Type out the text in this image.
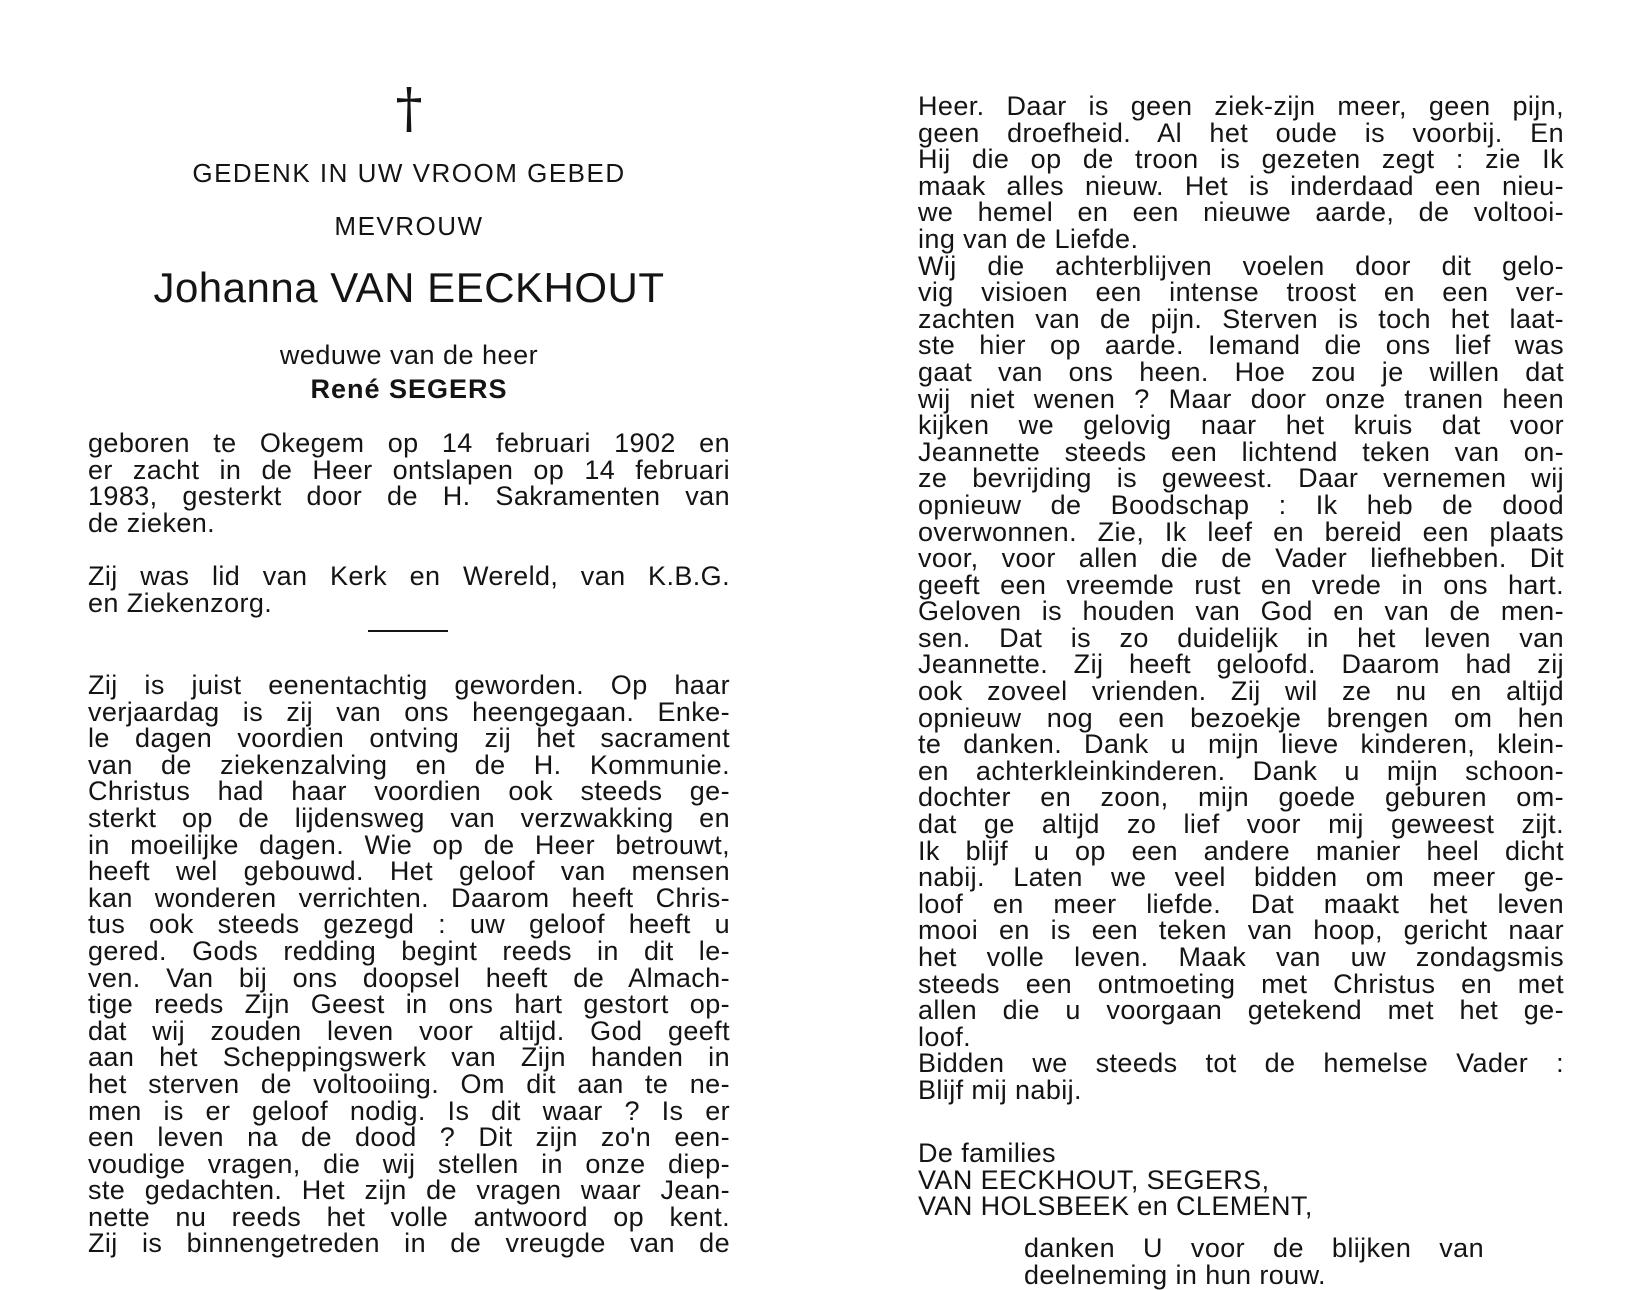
†
GEDENK IN UW VROOM GEBED
MEVROUW
Johanna VAN EECKHOUT
weduwe van de heer
René SEGERS
geboren te Okegem op 14 februari 1902 en
er zacht in de Heer ontslapen op 14 februari
1983, gesterkt door de H. Sakramenten van
de zieken.
Zij was lid van Kerk en Wereld, van K.B.G.
en Ziekenzorg.
Zij is juist eenentachtig geworden. Op haar
verjaardag is zij van ons heengegaan. Enke-
le dagen voordien ontving zij het sacrament
van de ziekenzalving en de H. Kommunie.
Christus had haar voordien ook steeds ge-
sterkt op de lijdensweg van verzwakking en
in moeilijke dagen. Wie op de Heer betrouwt,
heeft wel gebouwd. Het geloof van mensen
kan wonderen verrichten. Daarom heeft Chris-
tus ook steeds gezegd : uw geloof heeft u
gered. Gods redding begint reeds in dit le-
ven. Van bij ons doopsel heeft de Almach-
tige reeds Zijn Geest in ons hart gestort op-
dat wij zouden leven voor altijd. God geeft
aan het Scheppingswerk van Zijn handen in
het sterven de voltooiing. Om dit aan te ne-
men is er geloof nodig. Is dit waar ? Is er
een leven na de dood ? Dit zijn zo'n een-
voudige vragen, die wij stellen in onze diep-
ste gedachten. Het zijn de vragen waar Jean-
nette nu reeds het volle antwoord op kent.
Zij is binnengetreden in de vreugde van de
Heer. Daar is geen ziek-zijn meer, geen pijn,
geen droefheid. Al het oude is voorbij. En
Hij die op de troon is gezeten zegt : zie Ik
maak alles nieuw. Het is inderdaad een nieu-
we hemel en een nieuwe aarde, de voltooi-
ing van de Liefde.
Wij die achterblijven voelen door dit gelo-
vig visioen een intense troost en een ver-
zachten van de pijn. Sterven is toch het laat-
ste hier op aarde. Iemand die ons lief was
gaat van ons heen. Hoe zou je willen dat
wij niet wenen ? Maar door onze tranen heen
kijken we gelovig naar het kruis dat voor
Jeannette steeds een lichtend teken van on-
ze bevrijding is geweest. Daar vernemen wij
opnieuw de Boodschap : Ik heb de dood
overwonnen. Zie, Ik leef en bereid een plaats
voor, voor allen die de Vader liefhebben. Dit
geeft een vreemde rust en vrede in ons hart.
Geloven is houden van God en van de men-
sen. Dat is zo duidelijk in het leven van
Jeannette. Zij heeft geloofd. Daarom had zij
ook zoveel vrienden. Zij wil ze nu en altijd
opnieuw nog een bezoekje brengen om hen
te danken. Dank u mijn lieve kinderen, klein-
en achterkleinkinderen. Dank u mijn schoon-
dochter en zoon, mijn goede geburen om-
dat ge altijd zo lief voor mij geweest zijt.
Ik blijf u op een andere manier heel dicht
nabij. Laten we veel bidden om meer ge-
loof en meer liefde. Dat maakt het leven
mooi en is een teken van hoop, gericht naar
het volle leven. Maak van uw zondagsmis
steeds een ontmoeting met Christus en met
allen die u voorgaan getekend met het ge-
loof.
Bidden we steeds tot de hemelse Vader :
Blijf mij nabij.
De families
VAN EECKHOUT, SEGERS,
VAN HOLSBEEK en CLEMENT,
danken U voor de blijken van
deelneming in hun rouw.
